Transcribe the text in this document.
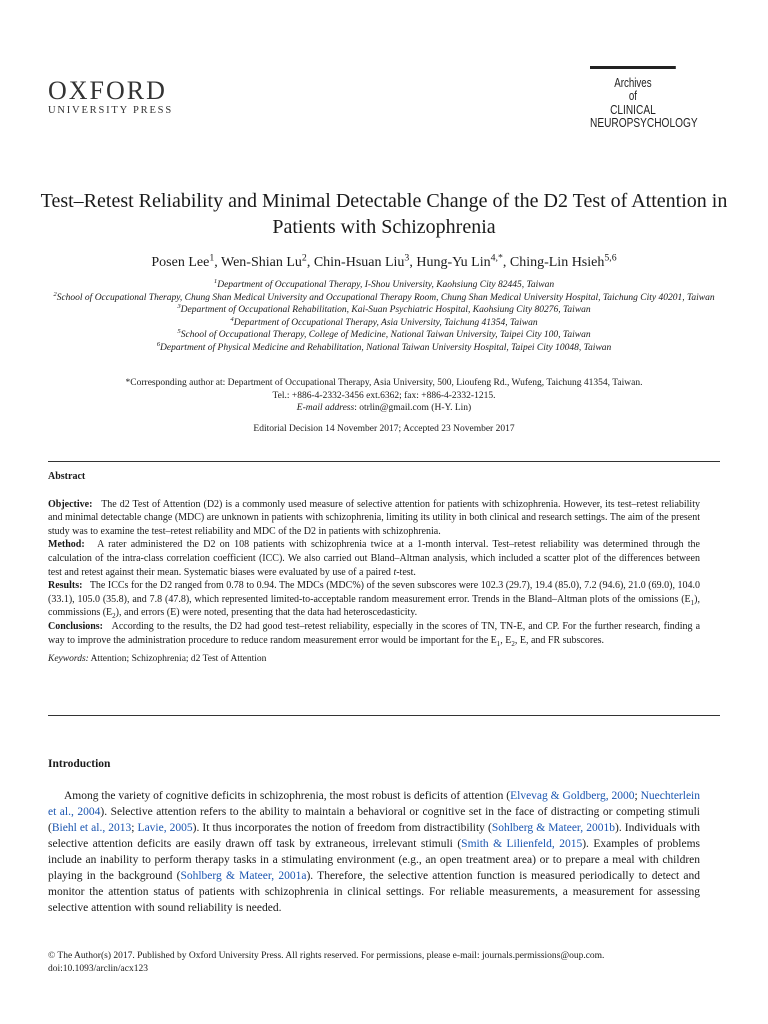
OXFORD
UNIVERSITY PRESS
Archives
of
CLINICAL
NEUROPSYCHOLOGY
Test–Retest Reliability and Minimal Detectable Change of the D2 Test of Attention in Patients with Schizophrenia
Posen Lee$^1$, Wen-Shian Lu$^2$, Chin-Hsuan Liu$^3$, Hung-Yu Lin$^{4,*}$, Ching-Lin Hsieh$^{5,6}$
$^1$Department of Occupational Therapy, I-Shou University, Kaohsiung City 82445, Taiwan
$^2$School of Occupational Therapy, Chung Shan Medical University and Occupational Therapy Room, Chung Shan Medical University Hospital, Taichung City 40201, Taiwan
$^3$Department of Occupational Rehabilitation, Kai-Suan Psychiatric Hospital, Kaohsiung City 80276, Taiwan
$^4$Department of Occupational Therapy, Asia University, Taichung 41354, Taiwan
$^5$School of Occupational Therapy, College of Medicine, National Taiwan University, Taipei City 100, Taiwan
$^6$Department of Physical Medicine and Rehabilitation, National Taiwan University Hospital, Taipei City 10048, Taiwan
*Corresponding author at: Department of Occupational Therapy, Asia University, 500, Lioufeng Rd., Wufeng, Taichung 41354, Taiwan.
Tel.: +886-4-2332-3456 ext.6362; fax: +886-4-2332-1215.
E-mail address: otrlin@gmail.com (H-Y. Lin)
Editorial Decision 14 November 2017; Accepted 23 November 2017
Abstract

Objective: The d2 Test of Attention (D2) is a commonly used measure of selective attention for patients with schizophrenia. However, its test–retest reliability and minimal detectable change (MDC) are unknown in patients with schizophrenia, limiting its utility in both clinical and research settings. The aim of the present study was to examine the test–retest reliability and MDC of the D2 in patients with schizophrenia.

Method: A rater administered the D2 on 108 patients with schizophrenia twice at a 1-month interval. Test–retest reliability was determined through the calculation of the intra-class correlation coefficient (ICC). We also carried out Bland–Altman analysis, which included a scatter plot of the differences between test and retest against their mean. Systematic biases were evaluated by use of a paired t-test.

Results: The ICCs for the D2 ranged from 0.78 to 0.94. The MDCs (MDC%) of the seven subscores were 102.3 (29.7), 19.4 (85.0), 7.2 (94.6), 21.0 (69.0), 104.0 (33.1), 105.0 (35.8), and 7.8 (47.8), which represented limited-to-acceptable random measurement error. Trends in the Bland–Altman plots of the omissions $(E_1)$, commissions $(E_2)$, and errors (E) were noted, presenting that the data had heteroscedasticity.

Conclusions: According to the results, the D2 had good test–retest reliability, especially in the scores of TN, TN-E, and CP. For the further research, finding a way to improve the administration procedure to reduce random measurement error would be important for the $E_1$, $E_2$, E, and FR subscores.

Keywords: Attention; Schizophrenia; d2 Test of Attention
Introduction

Among the variety of cognitive deficits in schizophrenia, the most robust is deficits of attention (Elvevag & Goldberg, 2000; Nuechterlein et al., 2004). Selective attention refers to the ability to maintain a behavioral or cognitive set in the face of distracting or competing stimuli (Biehl et al., 2013; Lavie, 2005). It thus incorporates the notion of freedom from distractibility (Sohlberg & Mateer, 2001b). Individuals with selective attention deficits are easily drawn off task by extraneous, irrelevant stimuli (Smith & Lilienfeld, 2015). Examples of problems include an inability to perform therapy tasks in a stimulating environment (e.g., an open treatment area) or to prepare a meal with children playing in the background (Sohlberg & Mateer, 2001a). Therefore, the selective attention function is measured periodically to detect and monitor the attention status of patients with schizophrenia in clinical settings. For reliable measurements, a measurement for assessing selective attention with sound reliability is needed.

© The Author(s) 2017. Published by Oxford University Press. All rights reserved. For permissions, please e-mail: journals.permissions@oup.com.
doi:10.1093/arclin/acx123
